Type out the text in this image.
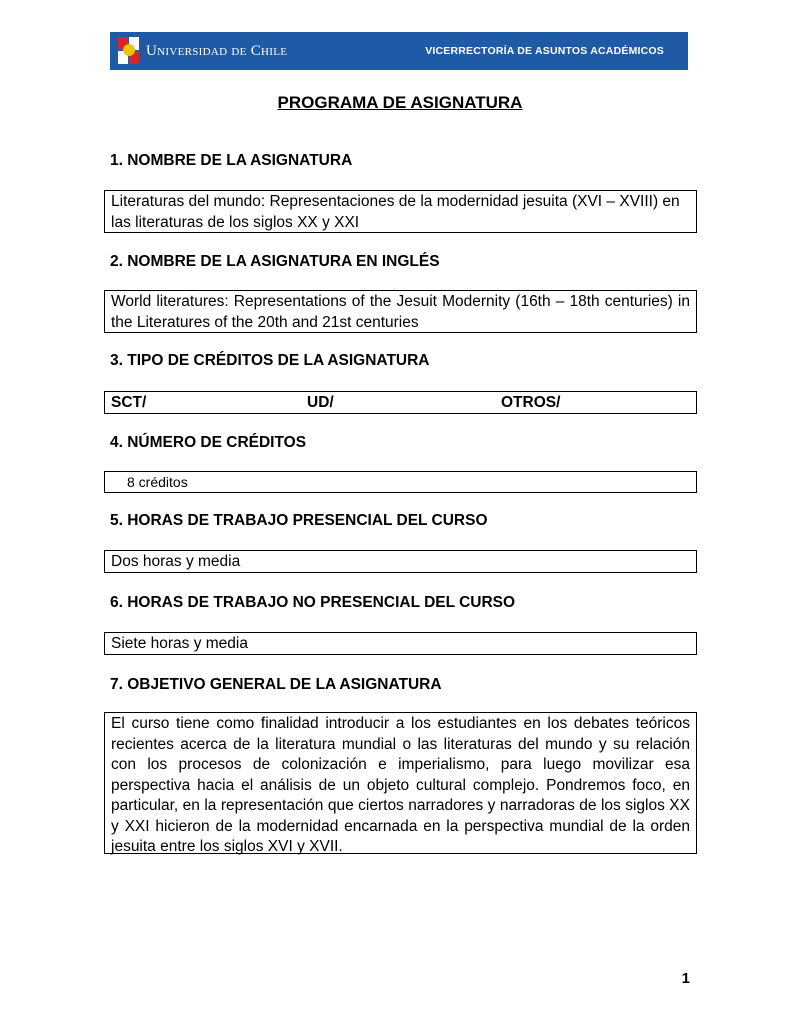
Universidad de Chile	VICERRECTORÍA DE ASUNTOS ACADÉMICOS
PROGRAMA DE ASIGNATURA
1. NOMBRE DE LA ASIGNATURA
Literaturas del mundo: Representaciones de la modernidad jesuita (XVI – XVIII) en las literaturas de los siglos XX y XXI
2. NOMBRE DE LA ASIGNATURA EN INGLÉS
World literatures: Representations of the Jesuit Modernity (16th – 18th centuries) in the Literatures of the 20th and 21st centuries
3. TIPO DE CRÉDITOS DE LA ASIGNATURA
SCT/	UD/	OTROS/
4. NÚMERO DE CRÉDITOS
8 créditos
5. HORAS DE TRABAJO PRESENCIAL DEL CURSO
Dos horas y media
6. HORAS DE TRABAJO NO PRESENCIAL DEL CURSO
Siete horas y media
7. OBJETIVO GENERAL DE LA ASIGNATURA
El curso tiene como finalidad introducir a los estudiantes en los debates teóricos recientes acerca de la literatura mundial o las literaturas del mundo y su relación con los procesos de colonización e imperialismo, para luego movilizar esa perspectiva hacia el análisis de un objeto cultural complejo. Pondremos foco, en particular, en la representación que ciertos narradores y narradoras de los siglos XX y XXI hicieron de la modernidad encarnada en la perspectiva mundial de la orden jesuita entre los siglos XVI y XVII.
1
